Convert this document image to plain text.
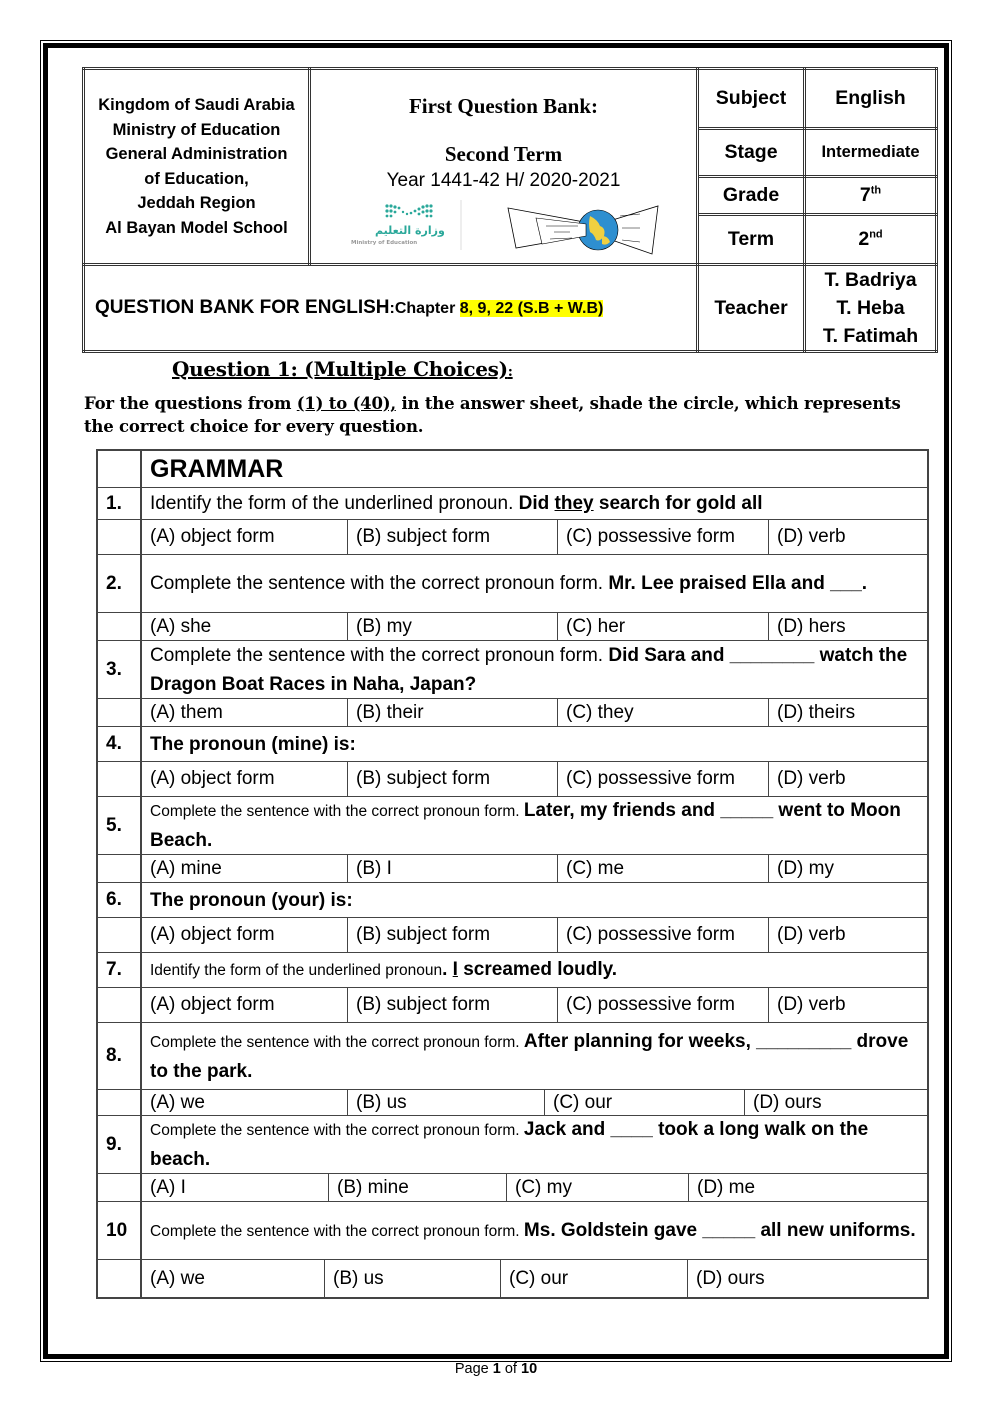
Kingdom of Saudi Arabia
Ministry of Education
General Administration
of Education,
Jeddah Region
Al Bayan Model School

First Question Bank:
Second Term
Year 1441-42 H/ 2020-2021
وزارة التعليم
Ministry of Education
	Subject	English
		Stage	Intermediate
		Grade	7th
		Term	2nd
QUESTION BANK FOR ENGLISH:Chapter 8, 9, 22 (S.B + W.B)		Teacher	T. Badriya
T. Heba
T. Fatimah
Question 1: (Multiple Choices):
For the questions from (1) to (40), in the answer sheet, shade the circle, which represents the correct choice for every question.
GRAMMAR
1.	Identify the form of the underlined pronoun. Did they search for gold all
(A) object form	(B) subject form	(C) possessive form	(D) verb
2.	Complete the sentence with the correct pronoun form. Mr. Lee praised Ella and ___.
(A) she	(B) my	(C) her	(D) hers
3.
Complete the sentence with the correct pronoun form. Did Sara and ________ watch the Dragon Boat Races in Naha, Japan?
(A) them	(B) their	(C) they	(D) theirs
4.	The pronoun (mine) is:
(A) object form	(B) subject form	(C) possessive form	(D) verb
5.
Complete the sentence with the correct pronoun form. Later, my friends and _____ went to Moon Beach.
(A) mine	(B) I	(C) me	(D) my
6.	The pronoun (your) is:
(A) object form	(B) subject form	(C) possessive form	(D) verb
7.	Identify the form of the underlined pronoun. I screamed loudly.
(A) object form	(B) subject form	(C) possessive form	(D) verb
8.
Complete the sentence with the correct pronoun form. After planning for weeks, _________ drove to the park.
(A) we	(B) us	(C) our	(D) ours
9.
Complete the sentence with the correct pronoun form. Jack and ____ took a long walk on the beach.
(A) I	(B) mine	(C) my	(D) me
10	Complete the sentence with the correct pronoun form. Ms. Goldstein gave _____ all new uniforms.
(A) we	(B) us	(C) our	(D) ours
Page 1 of 10
